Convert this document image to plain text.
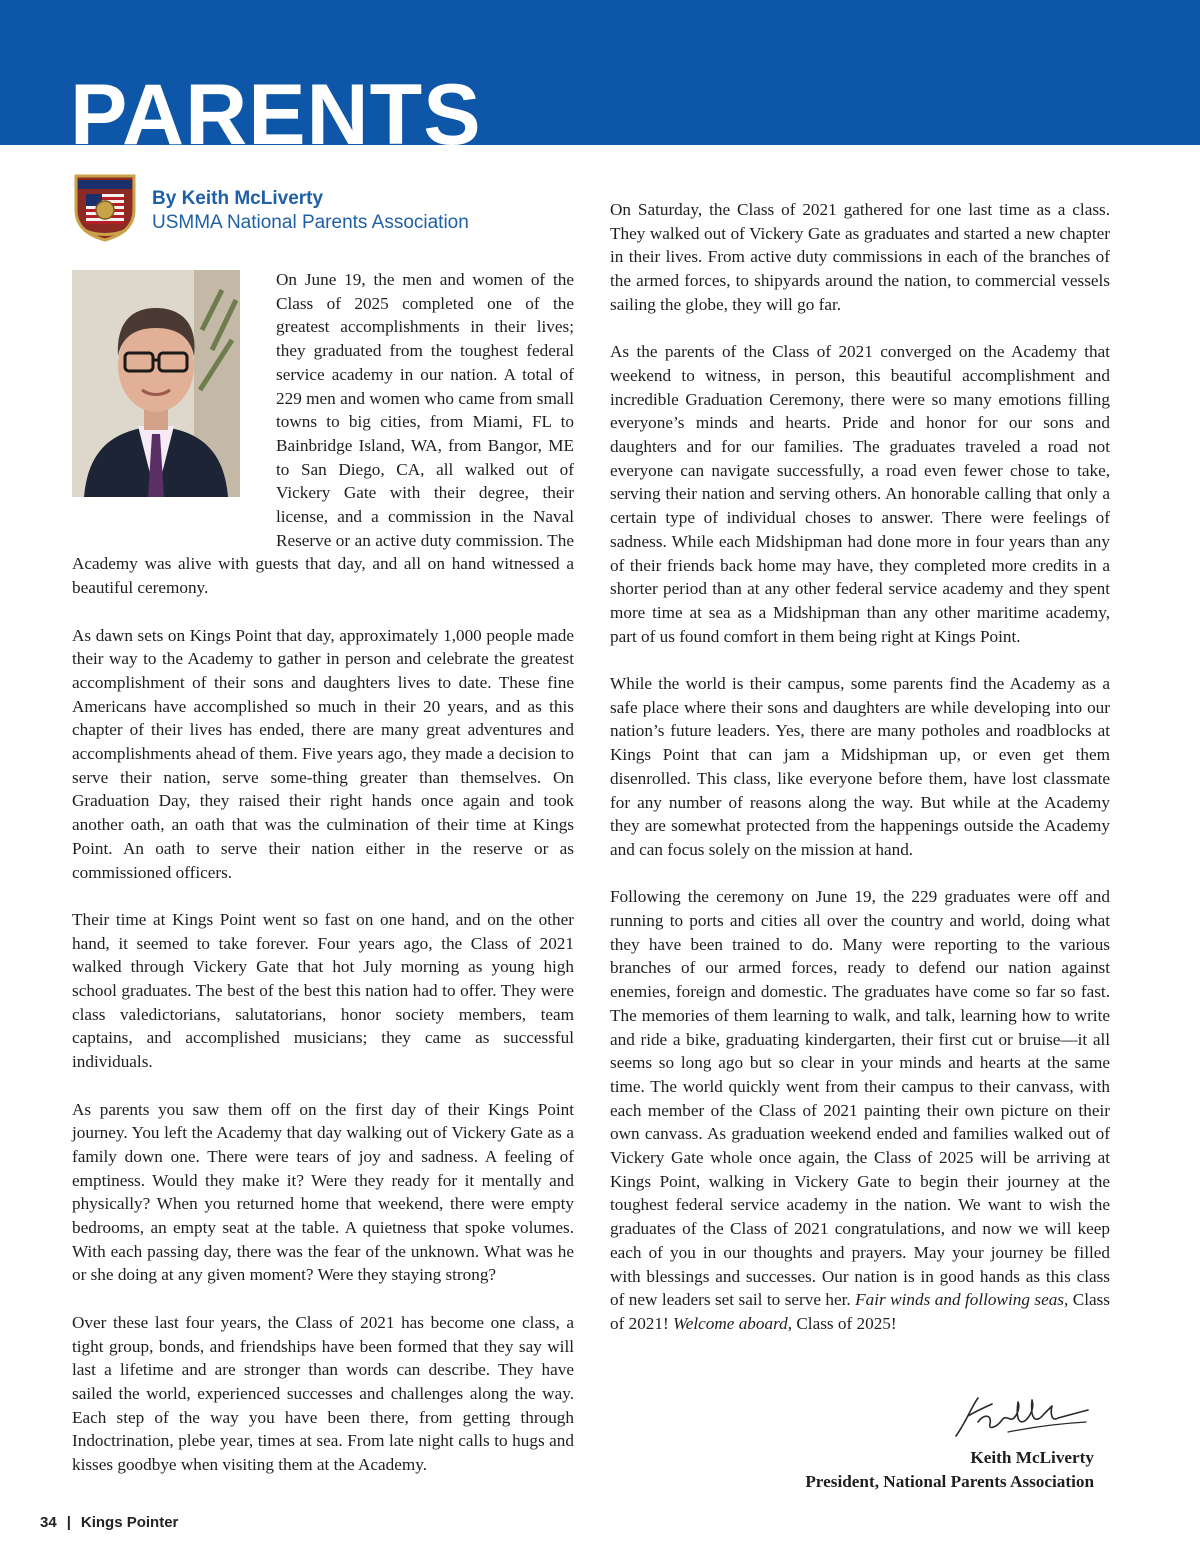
PARENTS

By Keith McLiverty

USMMA National Parents Association

On June 19, the men and women of the Class of 2025 completed one of the greatest accomplishments in their lives; they graduated from the toughest federal service academy in our nation. A total of 229 men and women who came from small towns to big cities, from Miami, FL to Bainbridge Island, WA, from Bangor, ME to San Diego, CA, all walked out of Vickery Gate with their degree, their license, and a commission in the Naval Reserve or an active duty commission. The Academy was alive with guests that day, and all on hand witnessed a beautiful ceremony.

As dawn sets on Kings Point that day, approximately 1,000 people made their way to the Academy to gather in person and celebrate the greatest accomplishment of their sons and daughters lives to date. These fine Americans have accomplished so much in their 20 years, and as this chapter of their lives has ended, there are many great adventures and accomplishments ahead of them. Five years ago, they made a decision to serve their nation, serve some-thing greater than themselves. On Graduation Day, they raised their right hands once again and took another oath, an oath that was the culmination of their time at Kings Point. An oath to serve their nation either in the reserve or as commissioned officers.

Their time at Kings Point went so fast on one hand, and on the other hand, it seemed to take forever. Four years ago, the Class of 2021 walked through Vickery Gate that hot July morning as young high school graduates. The best of the best this nation had to offer. They were class valedictorians, salutatorians, honor society members, team captains, and accomplished musicians; they came as successful individuals.

As parents you saw them off on the first day of their Kings Point journey. You left the Academy that day walking out of Vickery Gate as a family down one. There were tears of joy and sadness. A feeling of emptiness. Would they make it? Were they ready for it mentally and physically? When you returned home that weekend, there were empty bedrooms, an empty seat at the table. A quietness that spoke volumes. With each passing day, there was the fear of the unknown. What was he or she doing at any given moment? Were they staying strong?

Over these last four years, the Class of 2021 has become one class, a tight group, bonds, and friendships have been formed that they say will last a lifetime and are stronger than words can describe. They have sailed the world, experienced successes and challenges along the way. Each step of the way you have been there, from getting through Indoctrination, plebe year, times at sea. From late night calls to hugs and kisses goodbye when visiting them at the Academy.

On Saturday, the Class of 2021 gathered for one last time as a class. They walked out of Vickery Gate as graduates and started a new chapter in their lives. From active duty commissions in each of the branches of the armed forces, to shipyards around the nation, to commercial vessels sailing the globe, they will go far.

As the parents of the Class of 2021 converged on the Academy that weekend to witness, in person, this beautiful accomplishment and incredible Graduation Ceremony, there were so many emotions filling everyone’s minds and hearts. Pride and honor for our sons and daughters and for our families. The graduates traveled a road not everyone can navigate successfully, a road even fewer chose to take, serving their nation and serving others. An honorable calling that only a certain type of individual choses to answer. There were feelings of sadness. While each Midshipman had done more in four years than any of their friends back home may have, they completed more credits in a shorter period than at any other federal service academy and they spent more time at sea as a Midshipman than any other maritime academy, part of us found comfort in them being right at Kings Point.

While the world is their campus, some parents find the Academy as a safe place where their sons and daughters are while developing into our nation’s future leaders. Yes, there are many potholes and roadblocks at Kings Point that can jam a Midshipman up, or even get them disenrolled. This class, like everyone before them, have lost classmate for any number of reasons along the way. But while at the Academy they are somewhat protected from the happenings outside the Academy and can focus solely on the mission at hand.

Following the ceremony on June 19, the 229 graduates were off and running to ports and cities all over the country and world, doing what they have been trained to do. Many were reporting to the various branches of our armed forces, ready to defend our nation against enemies, foreign and domestic. The graduates have come so far so fast. The memories of them learning to walk, and talk, learning how to write and ride a bike, graduating kindergarten, their first cut or bruise—it all seems so long ago but so clear in your minds and hearts at the same time. The world quickly went from their campus to their canvass, with each member of the Class of 2021 painting their own picture on their own canvass. As graduation weekend ended and families walked out of Vickery Gate whole once again, the Class of 2025 will be arriving at Kings Point, walking in Vickery Gate to begin their journey at the toughest federal service academy in the nation. We want to wish the graduates of the Class of 2021 congratulations, and now we will keep each of you in our thoughts and prayers. May your journey be filled with blessings and successes. Our nation is in good hands as this class of new leaders set sail to serve her. Fair winds and following seas, Class of 2021! Welcome aboard, Class of 2025!

Keith McLiverty

President, National Parents Association

34 | Kings Pointer
